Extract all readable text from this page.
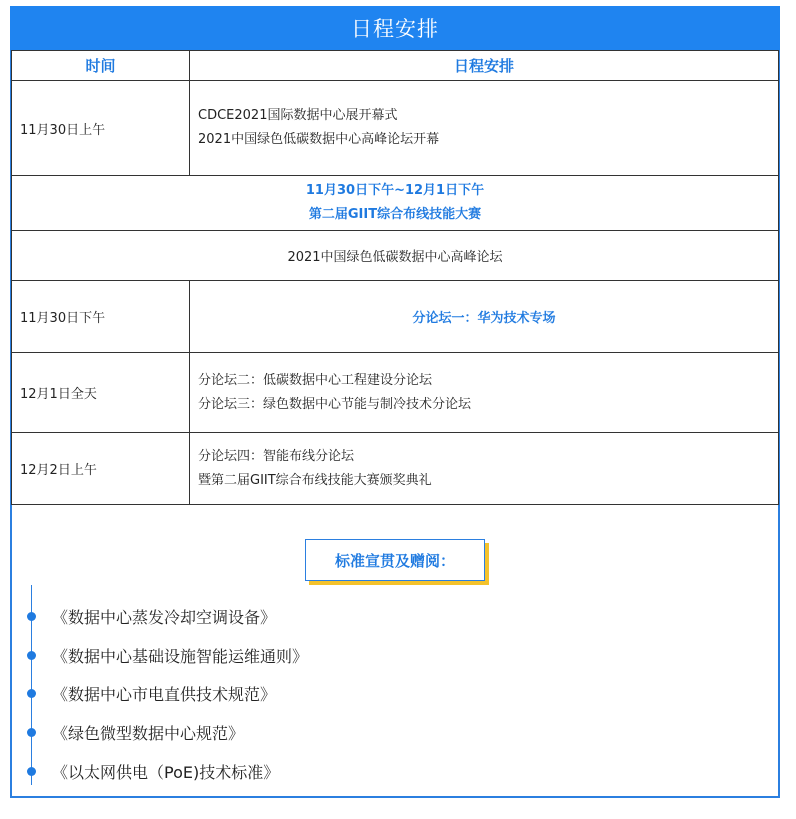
日程安排
时间	日程安排
11月30日上午	CDCE2021国际数据中心展开幕式
2021中国绿色低碳数据中心高峰论坛开幕

11月30日下午~12月1日下午
第二届GIIT综合布线技能大赛	

2021中国绿色低碳数据中心高峰论坛	
11月30日下午	分论坛一：华为技术专场
12月1日全天	分论坛二：低碳数据中心工程建设分论坛
分论坛三：绿色数据中心节能与制冷技术分论坛

12月2日上午	分论坛四：智能布线分论坛
暨第二届GIIT综合布线技能大赛颁奖典礼
标准宣贯及赠阅：
《数据中心蒸发冷却空调设备》
《数据中心基础设施智能运维通则》
《数据中心市电直供技术规范》
《绿色微型数据中心规范》
《以太网供电（PoE)技术标准》
